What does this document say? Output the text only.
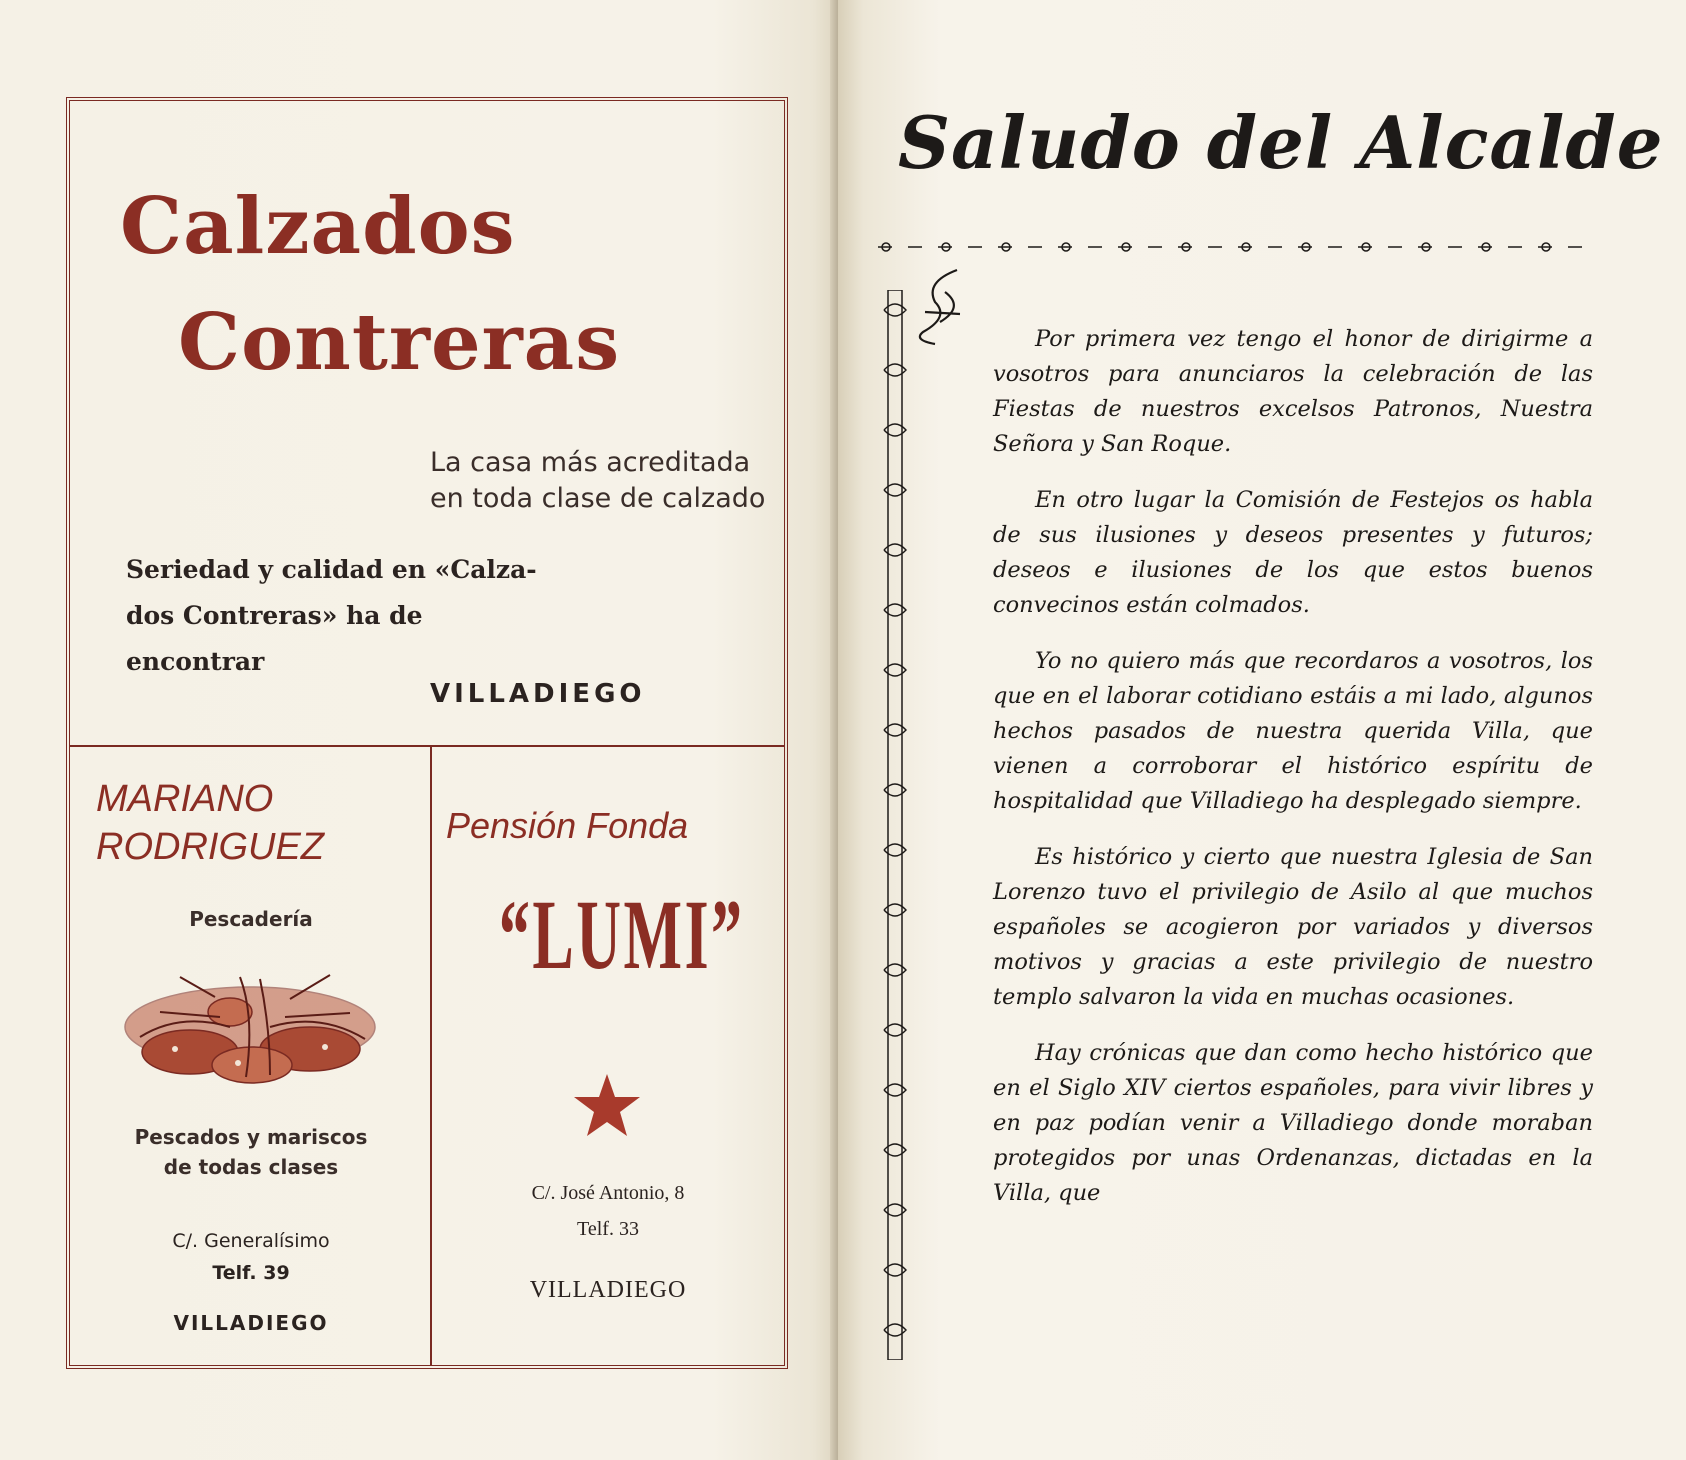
Calzados
Contreras
La casa más acreditada
en toda clase de calzado
Seriedad y calidad en «Calza-
dos Contreras» ha de encontrar
VILLADIEGO
MARIANO
RODRIGUEZ
Pescadería
Pescados y mariscos
de todas clases
C/. Generalísimo
Telf. 39
VILLADIEGO
Pensión Fonda
“LUMI”
C/. José Antonio, 8
Telf. 33
VILLADIEGO
Saludo del Alcalde

Por primera vez tengo el honor de dirigirme a vosotros para anunciaros la celebración de las Fiestas de nuestros excelsos Patronos, Nuestra Señora y San Roque.

En otro lugar la Comisión de Festejos os habla de sus ilusiones y deseos presentes y futuros; deseos e ilusiones de los que estos buenos convecinos están colmados.

Yo no quiero más que recordaros a vosotros, los que en el laborar cotidiano estáis a mi lado, algunos hechos pasados de nuestra querida Villa, que vienen a corroborar el histórico espíritu de hospitalidad que Villadiego ha desplegado siempre.

Es histórico y cierto que nuestra Iglesia de San Lorenzo tuvo el privilegio de Asilo al que muchos españoles se acogieron por variados y diversos motivos y gracias a este privilegio de nuestro templo salvaron la vida en muchas ocasiones.

Hay crónicas que dan como hecho histórico que en el Siglo XIV ciertos españoles, para vivir libres y en paz podían venir a Villadiego donde moraban protegidos por unas Ordenanzas, dictadas en la Villa, que
